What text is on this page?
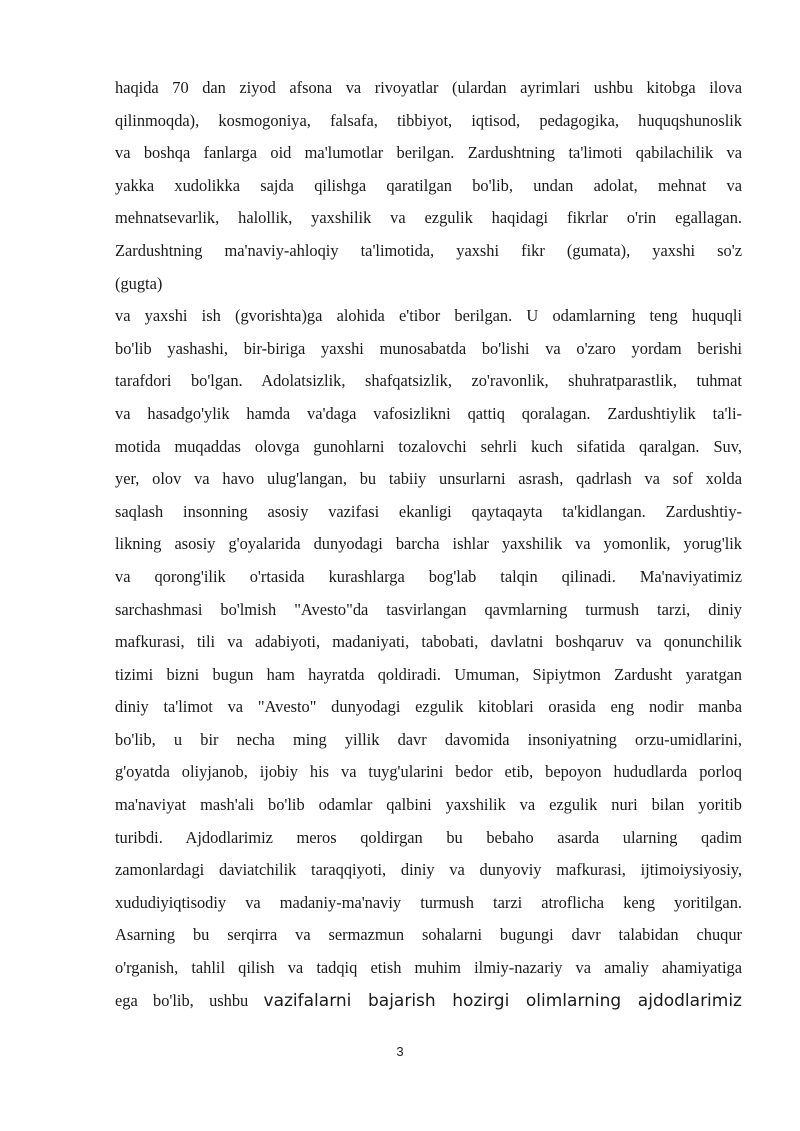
haqida 70 dan ziyod afsona va rivoyatlar (ulardan ayrimlari ushbu kitobga ilova
qilinmoqda), kosmogoniya, falsafa, tibbiyot, iqtisod, pedagogika, huquqshunoslik
va boshqa fanlarga oid ma'lumotlar berilgan. Zardushtning ta'limoti qabilachilik va
yakka xudolikka sajda qilishga qaratilgan bo'lib, undan adolat, mehnat va
mehnatsevarlik, halollik, yaxshilik va ezgulik haqidagi fikrlar o'rin egallagan.
Zardushtning ma'naviy-ahloqiy ta'limotida, yaxshi fikr (gumata), yaxshi so'z
(gugta)
va yaxshi ish (gvorishta)ga alohida e'tibor berilgan. U odamlarning teng huquqli
bo'lib yashashi, bir-biriga yaxshi munosabatda bo'lishi va o'zaro yordam berishi
tarafdori bo'lgan. Adolatsizlik, shafqatsizlik, zo'ravonlik, shuhratparastlik, tuhmat
va hasadgo'ylik hamda va'daga vafosizlikni qattiq qoralagan. Zardushtiylik ta'li-
motida muqaddas olovga gunohlarni tozalovchi sehrli kuch sifatida qaralgan. Suv,
yer, olov va havo ulug'langan, bu tabiiy unsurlarni asrash, qadrlash va sof xolda
saqlash insonning asosiy vazifasi ekanligi qaytaqayta ta'kidlangan. Zardushtiy-
likning asosiy g'oyalarida dunyodagi barcha ishlar yaxshilik va yomonlik, yorug'lik
va qorong'ilik o'rtasida kurashlarga bog'lab talqin qilinadi. Ma'naviyatimiz
sarchashmasi bo'lmish "Avesto"da tasvirlangan qavmlarning turmush tarzi, diniy
mafkurasi, tili va adabiyoti, madaniyati, tabobati, davlatni boshqaruv va qonunchilik
tizimi bizni bugun ham hayratda qoldiradi. Umuman, Sipiytmon Zardusht yaratgan
diniy ta'limot va "Avesto" dunyodagi ezgulik kitoblari orasida eng nodir manba
bo'lib, u bir necha ming yillik davr davomida insoniyatning orzu-umidlarini,
g'oyatda oliyjanob, ijobiy his va tuyg'ularini bedor etib, bepoyon hududlarda porloq
ma'naviyat mash'ali bo'lib odamlar qalbini yaxshilik va ezgulik nuri bilan yoritib
turibdi. Ajdodlarimiz meros qoldirgan bu bebaho asarda ularning qadim
zamonlardagi daviatchilik taraqqiyoti, diniy va dunyoviy mafkurasi, ijtimoiysiyosiy,
xududiyiqtisodiy va madaniy-ma'naviy turmush tarzi atroflicha keng yoritilgan.
Asarning bu serqirra va sermazmun sohalarni bugungi davr talabidan chuqur
o'rganish, tahlil qilish va tadqiq etish muhim ilmiy-nazariy va amaliy ahamiyatiga
ega bo'lib, ushbu vazifalarni bajarish hozirgi olimlarning ajdodlarimiz
3
